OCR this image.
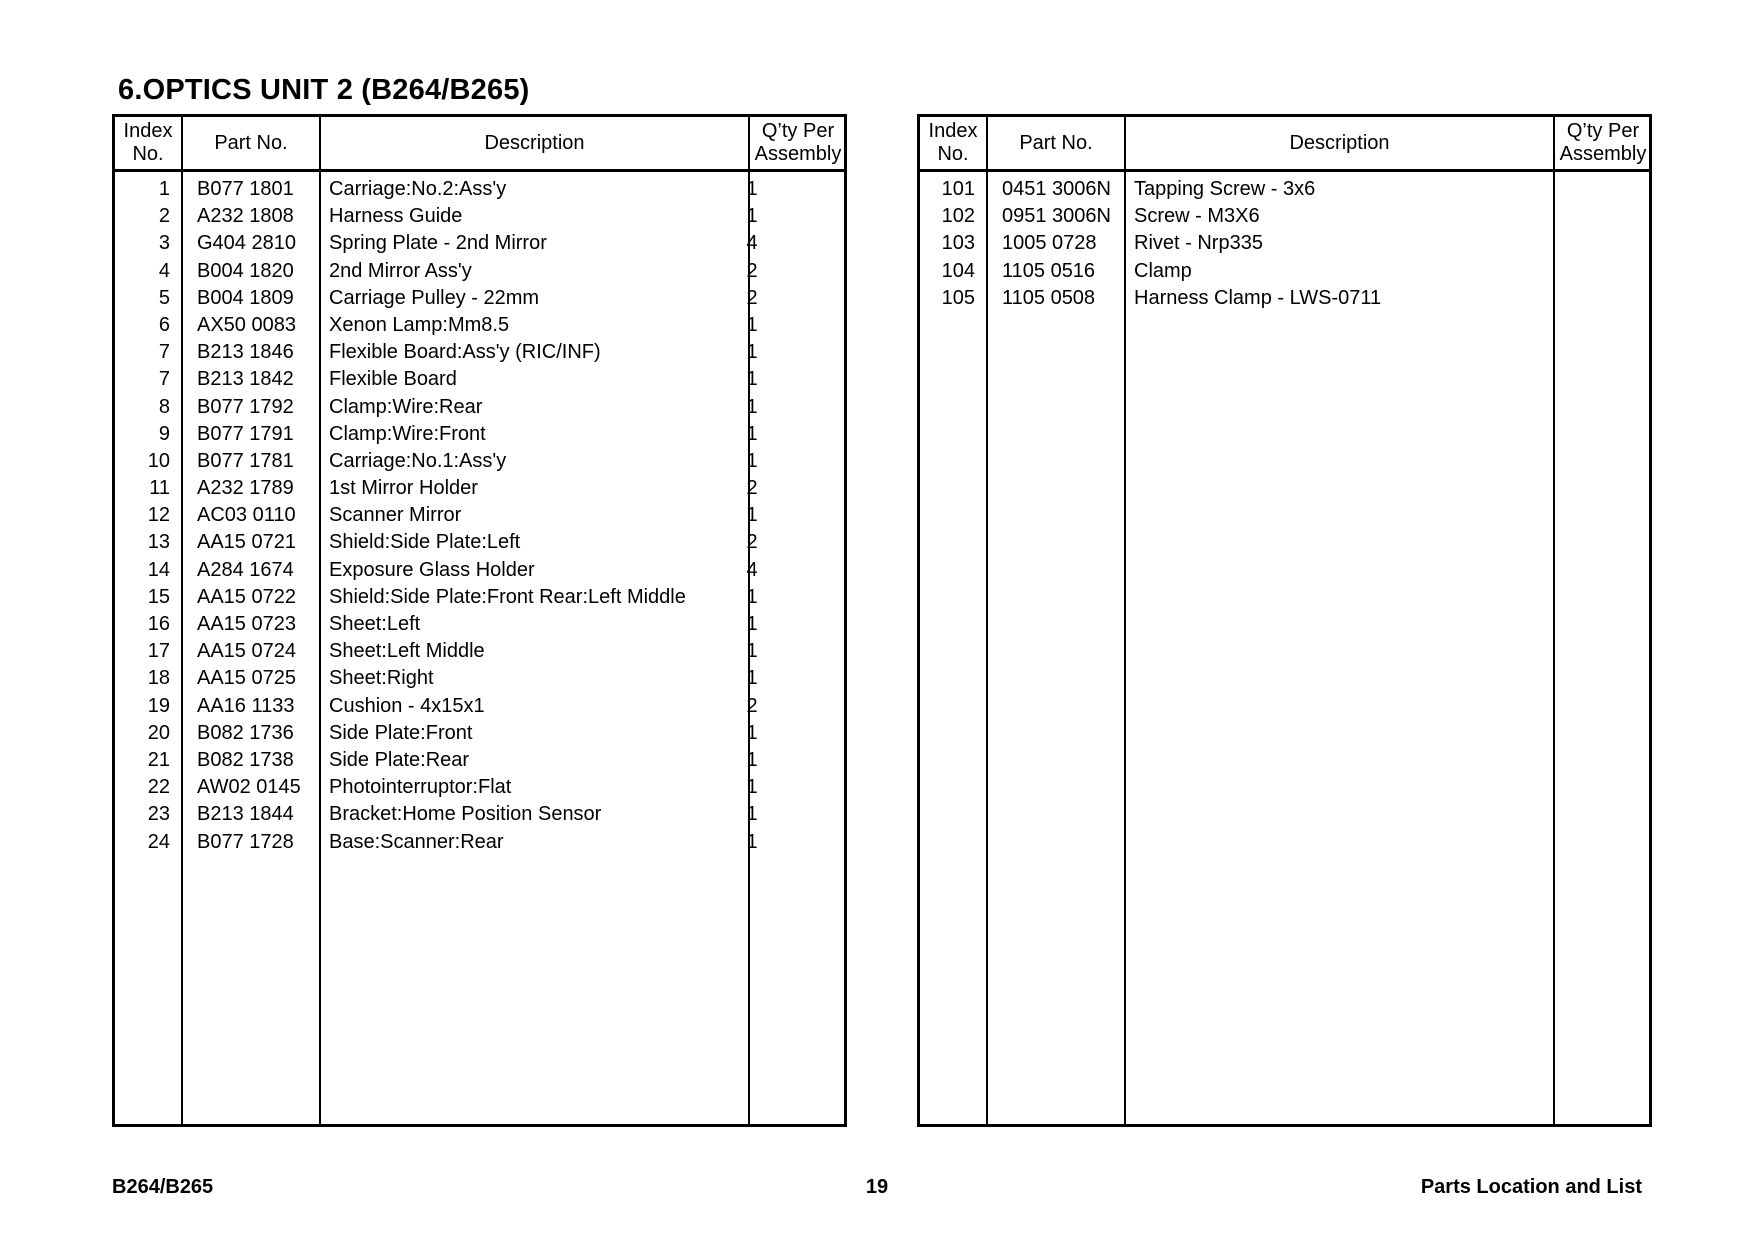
6.OPTICS UNIT 2 (B264/B265)
Index No.
Part No.	Description
Q’ty Per Assembly
1 B077 1801 Carriage:No.2:Ass'y	1
2 A232 1808 Harness Guide	1
3 G404 2810 Spring Plate - 2nd Mirror	4
4 B004 1820 2nd Mirror Ass'y	2
5 B004 1809 Carriage Pulley - 22mm	2
6 AX50 0083 Xenon Lamp:Mm8.5	1
7 B213 1846 Flexible Board:Ass'y (RIC/INF)	1
7 B213 1842 Flexible Board	1
8 B077 1792 Clamp:Wire:Rear	1
9 B077 1791 Clamp:Wire:Front	1
10 B077 1781 Carriage:No.1:Ass'y	1
11 A232 1789 1st Mirror Holder	2
12 AC03 0110 Scanner Mirror	1
13 AA15 0721 Shield:Side Plate:Left	2
14 A284 1674 Exposure Glass Holder	4
15 AA15 0722 Shield:Side Plate:Front Rear:Left Middle	1
16 AA15 0723 Sheet:Left	1
17 AA15 0724 Sheet:Left Middle	1
18 AA15 0725 Sheet:Right	1
19 AA16 1133 Cushion - 4x15x1	2
20 B082 1736 Side Plate:Front	1
21 B082 1738 Side Plate:Rear	1
22 AW02 0145 Photointerruptor:Flat	1
23 B213 1844 Bracket:Home Position Sensor	1
24 B077 1728 Base:Scanner:Rear	1
Index No.
Part No.	Description
Q’ty Per Assembly
101 0451 3006N Tapping Screw - 3x6
102 0951 3006N Screw - M3X6
103 1005 0728 Rivet - Nrp335
104 1105 0516 Clamp
105 1105 0508 Harness Clamp - LWS-0711
B264/B265	19	Parts Location and List
